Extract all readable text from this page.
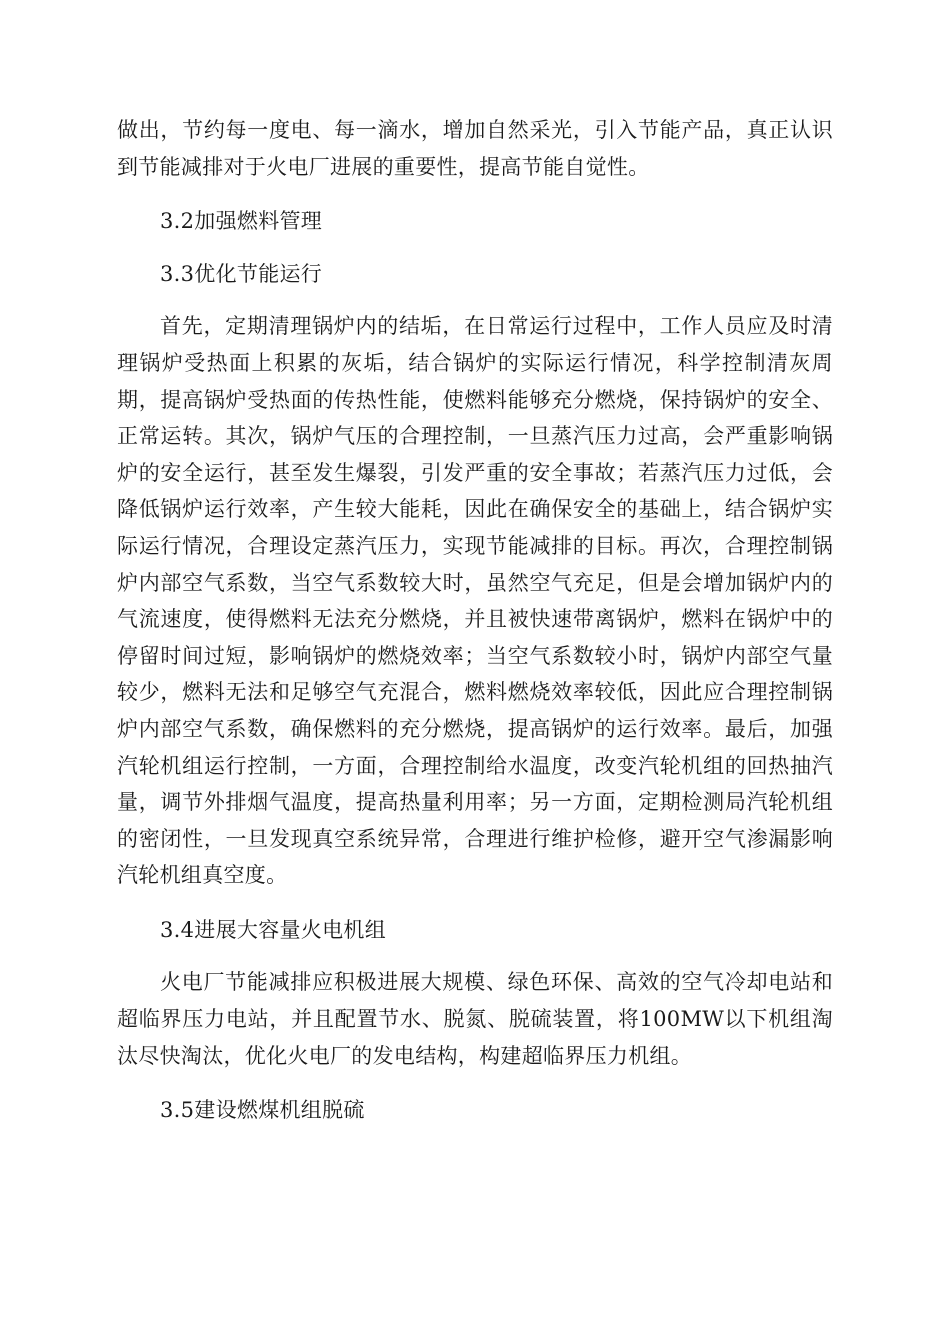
做出，节约每一度电、每一滴水，增加自然采光，引入节能产品，真正认识到节能减排对于火电厂进展的重要性，提高节能自觉性。

3.2加强燃料管理

3.3优化节能运行

首先，定期清理锅炉内的结垢，在日常运行过程中，工作人员应及时清理锅炉受热面上积累的灰垢，结合锅炉的实际运行情况，科学控制清灰周期，提高锅炉受热面的传热性能，使燃料能够充分燃烧，保持锅炉的安全、正常运转。其次，锅炉气压的合理控制，一旦蒸汽压力过高，会严重影响锅炉的安全运行，甚至发生爆裂，引发严重的安全事故；若蒸汽压力过低，会降低锅炉运行效率，产生较大能耗，因此在确保安全的基础上，结合锅炉实际运行情况，合理设定蒸汽压力，实现节能减排的目标。再次，合理控制锅炉内部空气系数，当空气系数较大时，虽然空气充足，但是会增加锅炉内的气流速度，使得燃料无法充分燃烧，并且被快速带离锅炉，燃料在锅炉中的停留时间过短，影响锅炉的燃烧效率；当空气系数较小时，锅炉内部空气量较少，燃料无法和足够空气充混合，燃料燃烧效率较低，因此应合理控制锅炉内部空气系数，确保燃料的充分燃烧，提高锅炉的运行效率。最后，加强汽轮机组运行控制，一方面，合理控制给水温度，改变汽轮机组的回热抽汽量，调节外排烟气温度，提高热量利用率；另一方面，定期检测局汽轮机组的密闭性，一旦发现真空系统异常，合理进行维护检修，避开空气渗漏影响汽轮机组真空度。

3.4进展大容量火电机组

火电厂节能减排应积极进展大规模、绿色环保、高效的空气冷却电站和超临界压力电站，并且配置节水、脱氮、脱硫装置，将100MW以下机组淘汰尽快淘汰，优化火电厂的发电结构，构建超临界压力机组。

3.5建设燃煤机组脱硫
